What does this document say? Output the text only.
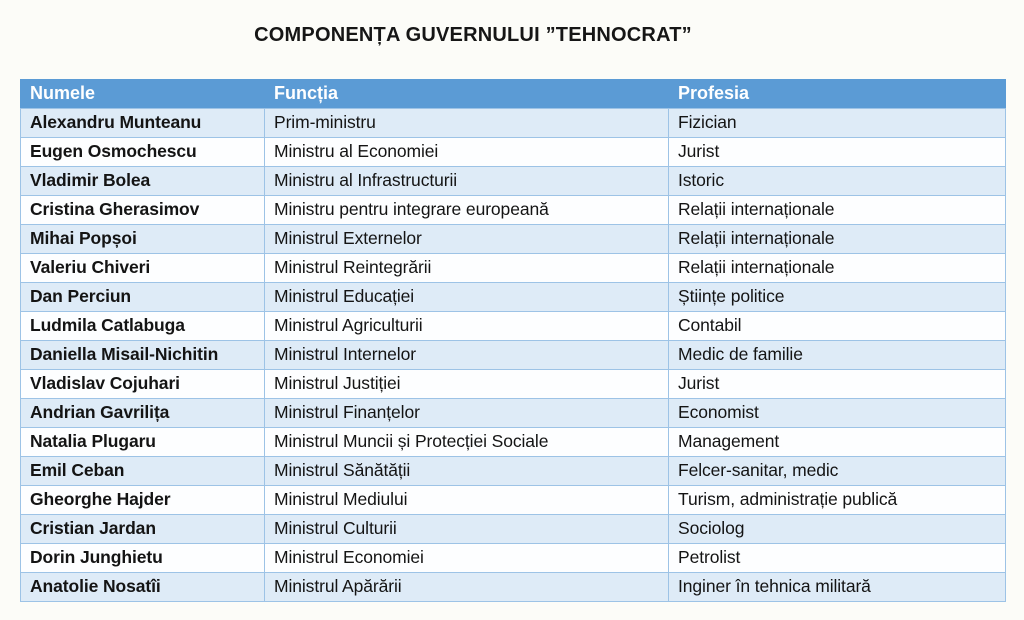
COMPONENȚA GUVERNULUI ”TEHNOCRAT”
Numele	Funcția	Profesia
Alexandru Munteanu	Prim-ministru	Fizician
Eugen Osmochescu	Ministru al Economiei	Jurist
Vladimir Bolea	Ministru al Infrastructurii	Istoric
Cristina Gherasimov	Ministru pentru integrare europeană	Relații internaționale
Mihai Popșoi	Ministrul Externelor	Relații internaționale
Valeriu Chiveri	Ministrul Reintegrării	Relații internaționale
Dan Perciun	Ministrul Educației	Științe politice
Ludmila Catlabuga	Ministrul Agriculturii	Contabil
Daniella Misail-Nichitin	Ministrul Internelor	Medic de familie
Vladislav Cojuhari	Ministrul Justiției	Jurist
Andrian Gavrilița	Ministrul Finanțelor	Economist
Natalia Plugaru	Ministrul Muncii și Protecției Sociale	Management
Emil Ceban	Ministrul Sănătății	Felcer-sanitar, medic
Gheorghe Hajder	Ministrul Mediului	Turism, administrație publică
Cristian Jardan	Ministrul Culturii	Sociolog
Dorin Junghietu	Ministrul Economiei	Petrolist
Anatolie Nosatîi	Ministrul Apărării	Inginer în tehnica militară
